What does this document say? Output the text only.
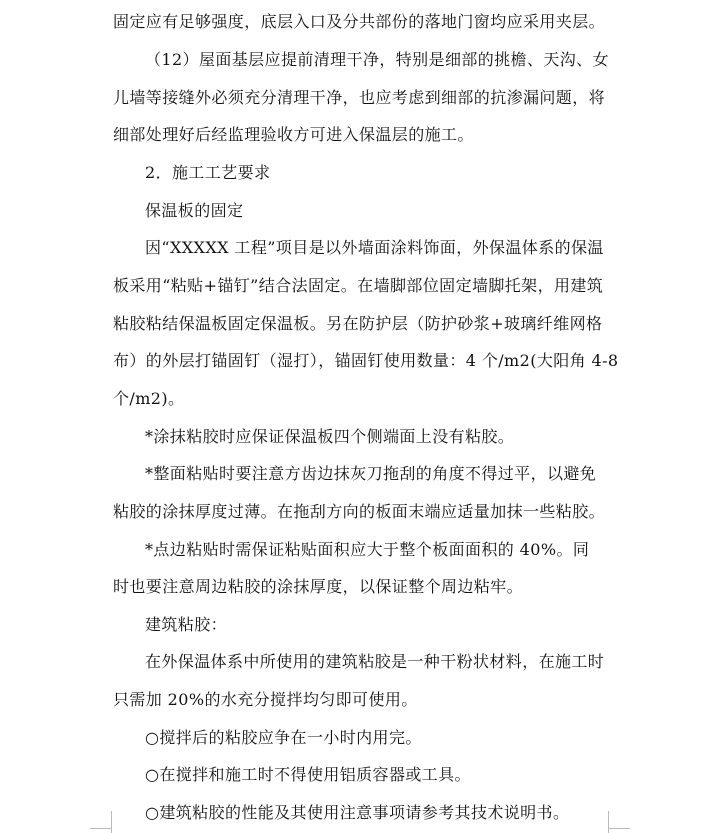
固定应有足够强度，底层入口及分共部份的落地门窗均应采用夹层。
（12）屋面基层应提前清理干净，特别是细部的挑檐、天沟、女
儿墙等接缝外必须充分清理干净，也应考虑到细部的抗渗漏问题，将
细部处理好后经监理验收方可进入保温层的施工。
2．施工工艺要求
保温板的固定
因“XXXXX 工程”项目是以外墙面涂料饰面，外保温体系的保温
板采用“粘贴+锚钉”结合法固定。在墙脚部位固定墙脚托架，用建筑
粘胶粘结保温板固定保温板。另在防护层（防护砂浆+玻璃纤维网格
布）的外层打锚固钉（湿打），锚固钉使用数量：4 个/m2(大阳角 4-8
个/m2)。
*涂抹粘胶时应保证保温板四个侧端面上没有粘胶。
*整面粘贴时要注意方齿边抹灰刀拖刮的角度不得过平，以避免
粘胶的涂抹厚度过薄。在拖刮方向的板面末端应适量加抹一些粘胶。
*点边粘贴时需保证粘贴面积应大于整个板面面积的 40%。同
时也要注意周边粘胶的涂抹厚度，以保证整个周边粘牢。
建筑粘胶：
在外保温体系中所使用的建筑粘胶是一种干粉状材料，在施工时
只需加 20%的水充分搅拌均匀即可使用。
○搅拌后的粘胶应争在一小时内用完。
○在搅拌和施工时不得使用铝质容器或工具。
○建筑粘胶的性能及其使用注意事项请参考其技术说明书。
